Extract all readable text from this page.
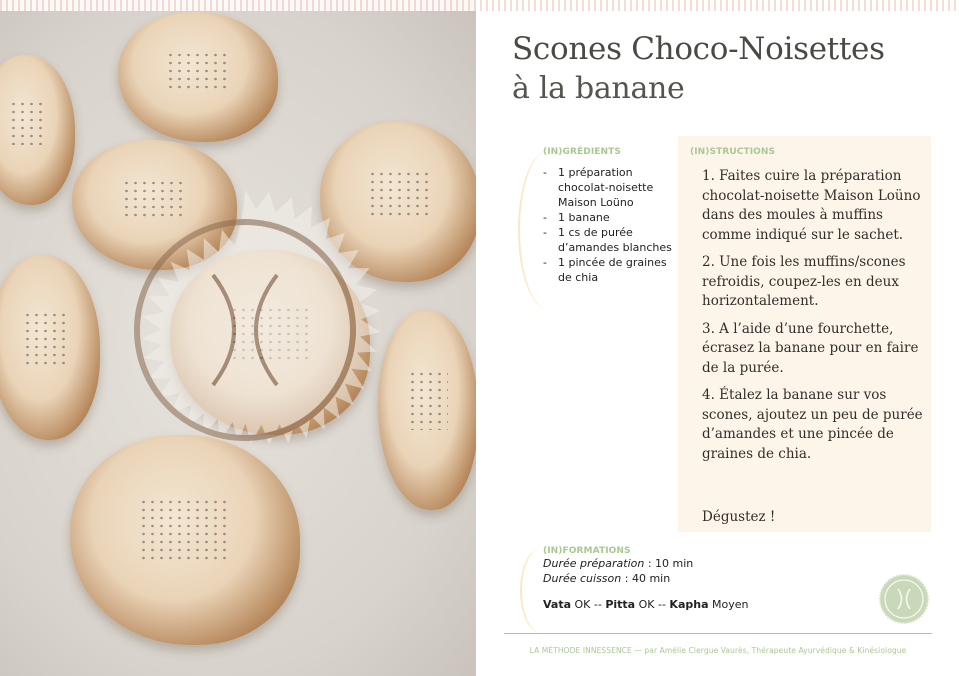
Scones Choco-Noisettes
à la banane
(IN)GRÉDIENTS
- 1 préparation chocolat-noisette Maison Loüno
- 1 banane
- 1 cs de purée d’amandes blanches
- 1 pincée de graines de chia
(IN)STRUCTIONS

1. Faites cuire la préparation chocolat-noisette Maison Loüno dans des moules à muffins comme indiqué sur le sachet.

2. Une fois les muffins/scones refroidis, coupez-les en deux horizontalement.

3. A l’aide d’une fourchette, écrasez la banane pour en faire de la purée.

4. Étalez la banane sur vos scones, ajoutez un peu de purée d’amandes et une pincée de graines de chia.

Dégustez !

(IN)FORMATIONS
Durée préparation : 10 min
Durée cuisson : 40 min
Vata OK -- Pitta OK -- Kapha Moyen
LA MÉTHODE INNESSENCE — par Amélie Clergue Vaurès, Thérapeute Ayurvédique & Kinésiologue
